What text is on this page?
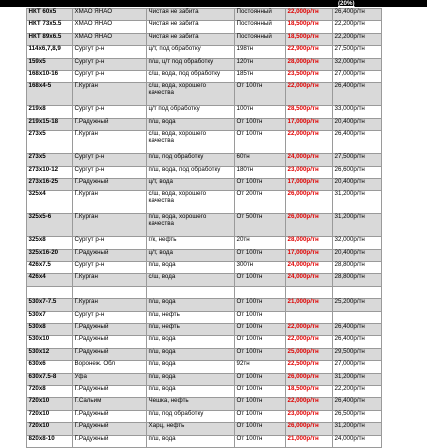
(20%)
НКТ 60х5	ХМАО ЯНАО	Чистая не забита	Постоянный	22,000р/тн	26,400р/тн
НКТ 73х5.5	ХМАО ЯНАО	Чистая не забита	Постоянный	18,500р/тн	22,200р/тн
НКТ 89х6.5	ХМАО ЯНАО	Чистая не забита	Постоянный	18,500р/тн	22,200р/тн
114х6,7,8,9	Сургут р-н	ц/т, под обработку	198тн	22,900р/тн	27,500р/тн
159х5	Сургут р-н	п/ш, ц/т под обработку	120тн	28,000р/тн	32,000р/тн
168х10-16	Сургут р-н	с/ш, вода, под обработку	185тн	23,500р/тн	27,000р/тн
168х4-5	Г.Курган	с/ш, вода, хорошего качества	От 100тн	22,000р/тн	26,400р/тн
219х8	Сургут р-н	ц/т под обработку	100тн	28,500р/тн	33,000р/тн
219х15-18	Г.Радужный	п/ш, вода	От 100тн	17,000р/тн	20,400р/тн
273х5	Г.Курган	с/ш, вода, хорошего качества	От 100тн	22,000р/тн	26,400р/тн
273х5	Сургут р-н	п/ш, под обработку	60тн	24,000р/тн	27,500р/тн
273х10-12	Сургут р-н	п/ш, вода, под обработку	180тн	23,000р/тн	26,600р/тн
273х16-25	Г.Радужный	ц/т, вода	От 100тн	17,000р/тн	20,400р/тн
325х4	Г.Курган	с/ш, вода, хорошего качества	От 200тн	26,000р/тн	31,200р/тн
325х5-6	Г.Курган	п/ш, вода, хорошего качества	От 500тн	26,000р/тн	31,200р/тн
325х8	Сургут р-н	г/к, нефть	20тн	28,000р/тн	32,000р/тн
325х16-20	Г.Радужный	ц/т, вода	От 100тн	17,000р/тн	20,400р/тн
426х7.5	Сургут р-н	п/ш, вода	300тн	24,000р/тн	28,800р/тн
426х4	Г.Курган	с/ш, вода	От 100тн	24,000р/тн	28,800р/тн

530х7-7.5	Г.Курган	п/ш, вода	От 100тн	21,000р/тн	25,200р/тн
530х7	Сургут р-н	п/ш, нефть	От 100тн		
530х8	Г.Радужный	п/ш, нефть	От 100тн	22,000р/тн	26,400р/тн
530х10	Г.Радужный	п/ш, вода	От 100тн	22,000р/тн	26,400р/тн
530х12	Г.Радужный	п/ш, вода	От 100тн	25,000р/тн	29,500р/тн
630х6	Воронеж. Обл	п/ш, вода	92тн	22,500р/тн	27,000р/тн
630х7.5-8	Уфа	п/ш, вода	От 100тн	26,000р/тн	31,200р/тн
720х8	Г.Радужный	п/ш, вода	От 100тн	18,500р/тн	22,200р/тн
720х10	Г.Сальим	Чешка, нефть	От 100тн	22,000р/тн	26,400р/тн
720х10	Г.Радужный	п/ш, под обработку	От 100тн	23,000р/тн	26,500р/тн
720х10	Г.Радужный	Харц, нефть	От 100тн	26,000р/тн	31,200р/тн
820х8-10	Г.Радужный	п/ш, вода	От 100тн	21,000р/тн	24,000р/тн
